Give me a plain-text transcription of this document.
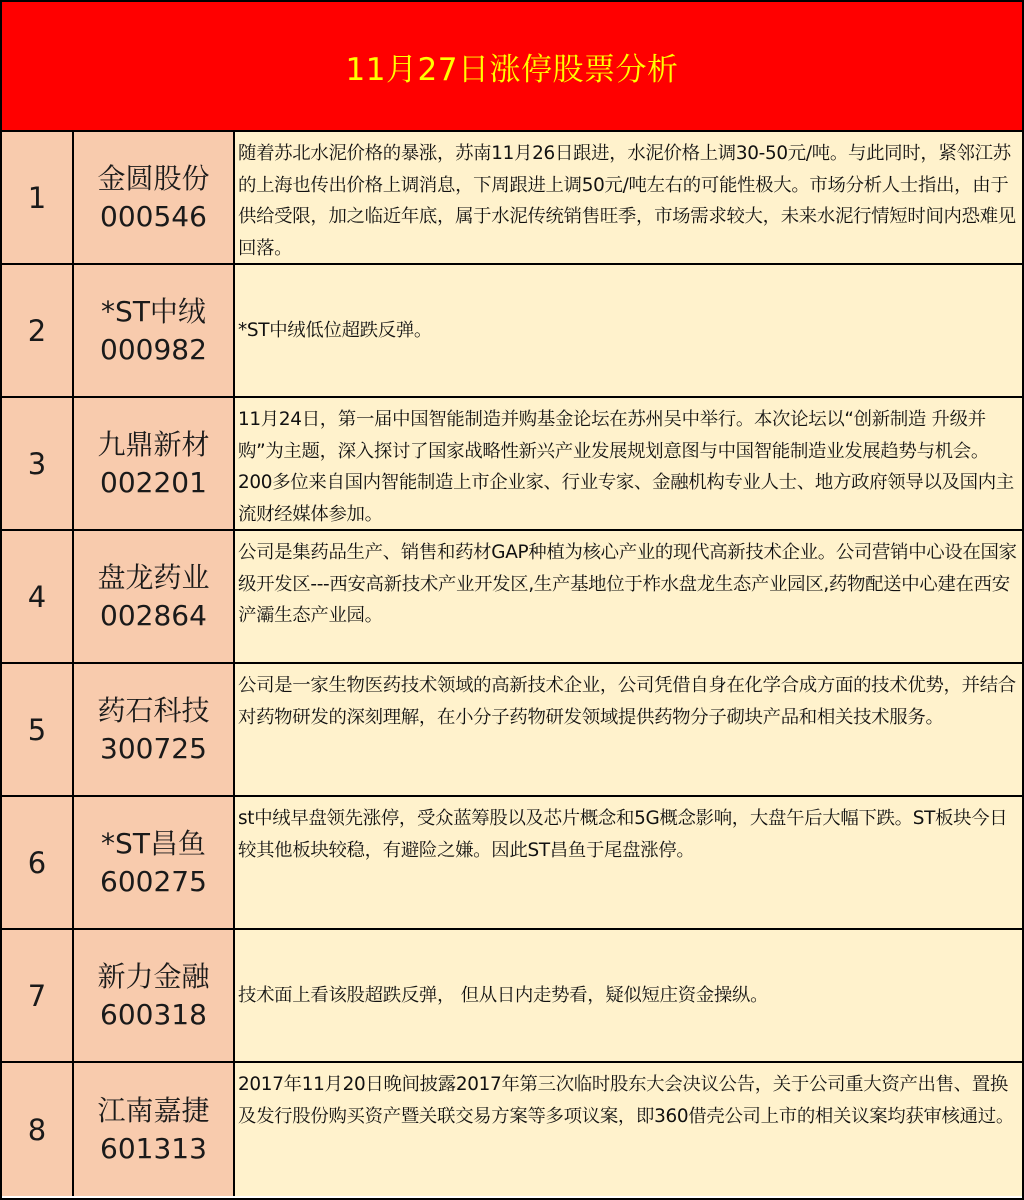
11月27日涨停股票分析
1
金圆股份
000546
随着苏北水泥价格的暴涨，苏南11月26日跟进，水泥价格上调30-50元/吨。与此同时，紧邻江苏的上海也传出价格上调消息，下周跟进上调50元/吨左右的可能性极大。市场分析人士指出，由于供给受限，加之临近年底，属于水泥传统销售旺季，市场需求较大，未来水泥行情短时间内恐难见回落。
2
*ST中绒
000982
*ST中绒低位超跌反弹。
3
九鼎新材
002201
11月24日，第一届中国智能制造并购基金论坛在苏州吴中举行。本次论坛以“创新制造 升级并购”为主题，深入探讨了国家战略性新兴产业发展规划意图与中国智能制造业发展趋势与机会。200多位来自国内智能制造上市企业家、行业专家、金融机构专业人士、地方政府领导以及国内主流财经媒体参加。
4
盘龙药业
002864
公司是集药品生产、销售和药材GAP种植为核心产业的现代高新技术企业。公司营销中心设在国家级开发区---西安高新技术产业开发区,生产基地位于柞水盘龙生态产业园区,药物配送中心建在西安浐灞生态产业园。
5
药石科技
300725
公司是一家生物医药技术领域的高新技术企业，公司凭借自身在化学合成方面的技术优势，并结合对药物研发的深刻理解，在小分子药物研发领域提供药物分子砌块产品和相关技术服务。
6
*ST昌鱼
600275
st中绒早盘领先涨停，受众蓝筹股以及芯片概念和5G概念影响，大盘午后大幅下跌。ST板块今日较其他板块较稳，有避险之嫌。因此ST昌鱼于尾盘涨停。
7
新力金融
600318
技术面上看该股超跌反弹， 但从日内走势看，疑似短庄资金操纵。
8
江南嘉捷
601313
2017年11月20日晚间披露2017年第三次临时股东大会决议公告，关于公司重大资产出售、置换及发行股份购买资产暨关联交易方案等多项议案，即360借壳公司上市的相关议案均获审核通过。
